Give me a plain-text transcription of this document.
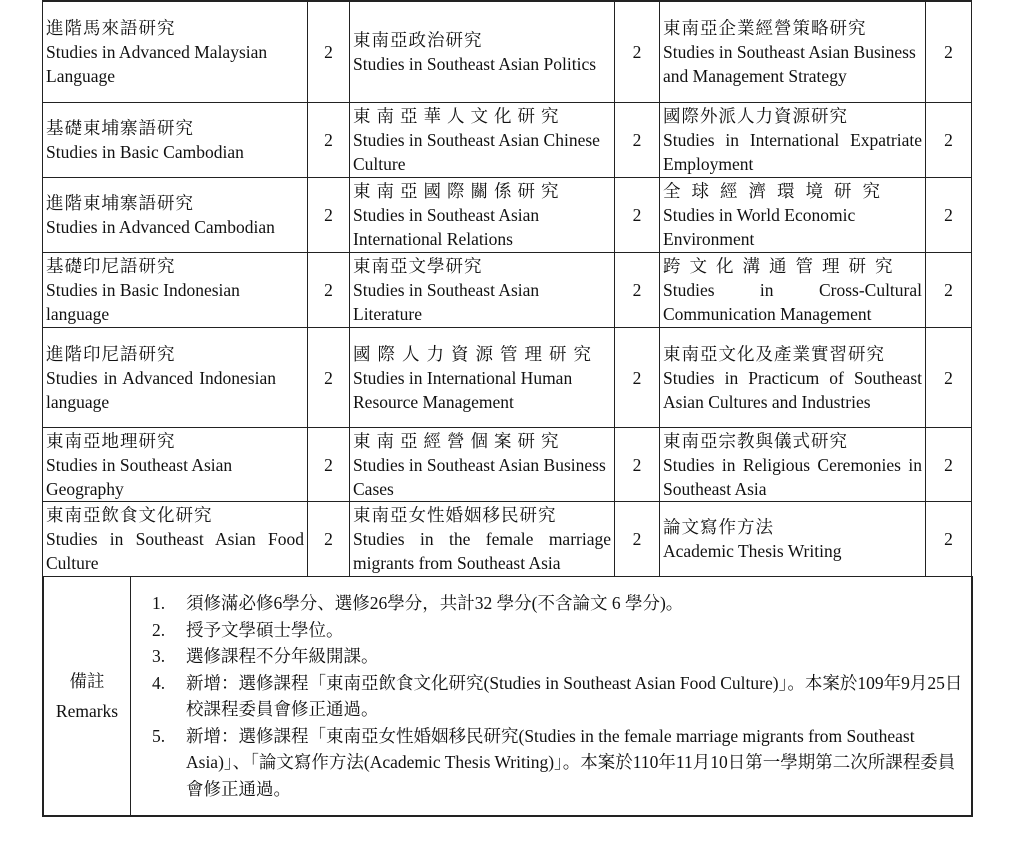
進階馬來語研究
Studies in Advanced Malaysian Language	2	東南亞政治研究
Studies in Southeast Asian Politics	2	東南亞企業經營策略研究
Studies in Southeast Asian Business and Management Strategy	2

基礎東埔寨語研究
Studies in Basic Cambodian	2	東南亞華人文化研究
Studies in Southeast Asian Chinese Culture	2	國際外派人力資源研究
Studies in International Expatriate Employment	2

進階東埔寨語研究
Studies in Advanced Cambodian	2	東南亞國際關係研究
Studies in Southeast Asian International Relations	2	全球經濟環境研究
Studies in World Economic Environment	2

基礎印尼語研究
Studies in Basic Indonesian language	2	東南亞文學研究
Studies in Southeast Asian Literature	2	跨文化溝通管理研究
Studies in Cross-Cultural Communication Management	2

進階印尼語研究
Studies in Advanced Indonesian language	2	國際人力資源管理研究
Studies in International Human Resource Management	2	東南亞文化及產業實習研究
Studies in Practicum of Southeast Asian Cultures and Industries	2

東南亞地理研究
Studies in Southeast Asian Geography	2	東南亞經營個案研究
Studies in Southeast Asian Business Cases	2	東南亞宗教與儀式研究
Studies in Religious Ceremonies in Southeast Asia	2

東南亞飲食文化研究
Studies in Southeast Asian Food Culture	2	東南亞女性婚姻移民研究
Studies in the female marriage migrants from Southeast Asia	2	論文寫作方法
Academic Thesis Writing	2
備註
Remarks
1. 須修滿必修6學分、選修26學分，共計32 學分(不含論文 6 學分)。
2. 授予文學碩士學位。
3. 選修課程不分年級開課。
4. 新增：選修課程「東南亞飲食文化研究(Studies in Southeast Asian Food Culture)」。本案於109年9月25日校課程委員會修正通過。
5. 新增：選修課程「東南亞女性婚姻移民研究(Studies in the female marriage migrants from Southeast Asia)」、「論文寫作方法(Academic Thesis Writing)」。本案於110年11月10日第一學期第二次所課程委員會修正通過。
